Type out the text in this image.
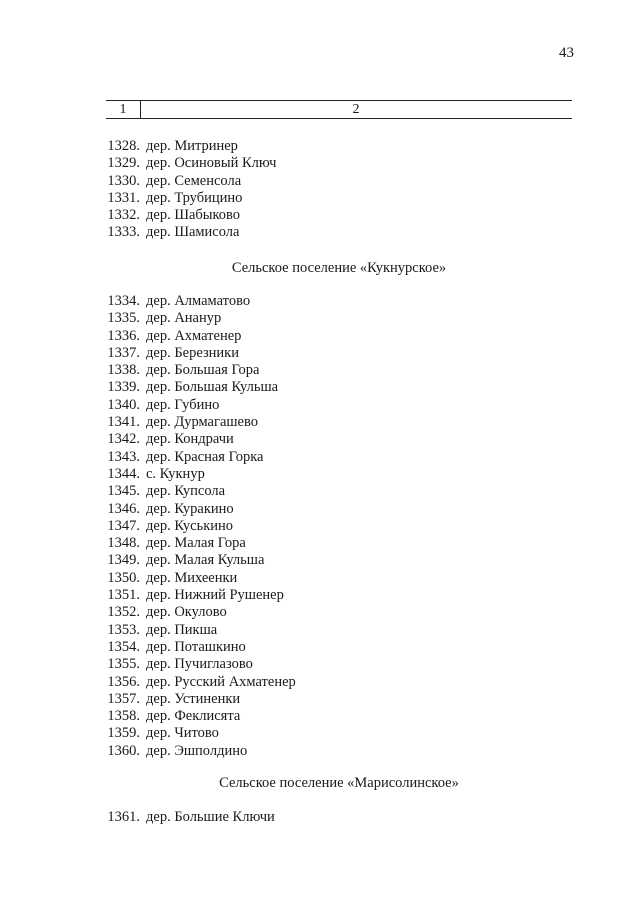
43
1	2
1328. дер. Митринер
1329. дер. Осиновый Ключ
1330. дер. Семенсола
1331. дер. Трубицино
1332. дер. Шабыково
1333. дер. Шамисола
Сельское поселение «Кукнурское»
1334. дер. Алмаматово
1335. дер. Ананур
1336. дер. Ахматенер
1337. дер. Березники
1338. дер. Большая Гора
1339. дер. Большая Кульша
1340. дер. Губино
1341. дер. Дурмагашево
1342. дер. Кондрачи
1343. дер. Красная Горка
1344. с. Кукнур
1345. дер. Купсола
1346. дер. Куракино
1347. дер. Куськино
1348. дер. Малая Гора
1349. дер. Малая Кульша
1350. дер. Михеенки
1351. дер. Нижний Рушенер
1352. дер. Окулово
1353. дер. Пикша
1354. дер. Поташкино
1355. дер. Пучиглазово
1356. дер. Русский Ахматенер
1357. дер. Устиненки
1358. дер. Феклисята
1359. дер. Читово
1360. дер. Эшполдино
Сельское поселение «Марисолинское»
1361. дер. Большие Ключи
